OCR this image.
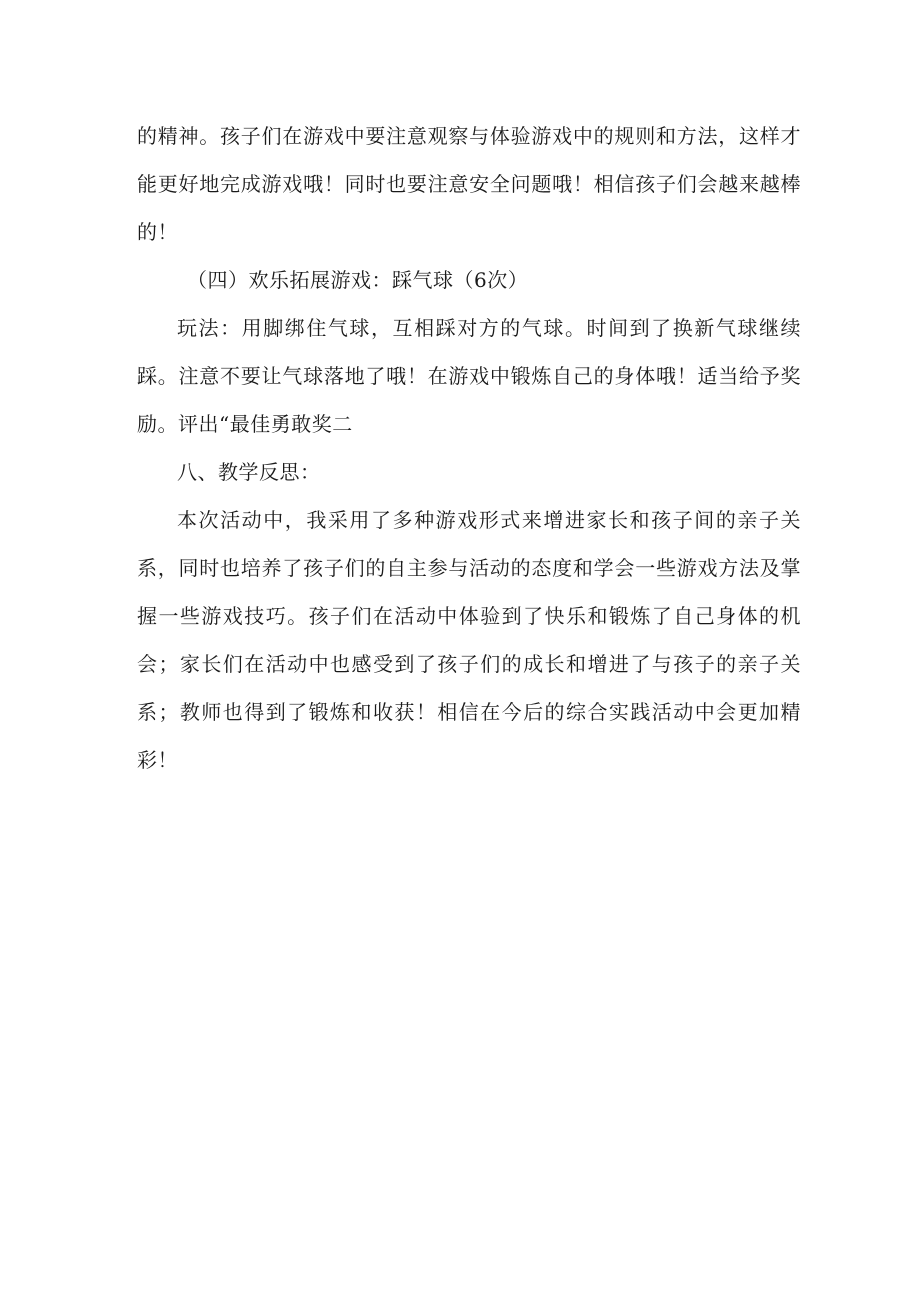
的精神。孩子们在游戏中要注意观察与体验游戏中的规则和方法，这样才能更好地完成游戏哦！同时也要注意安全问题哦！相信孩子们会越来越棒的！

（四）欢乐拓展游戏：踩气球（6次）

玩法：用脚绑住气球，互相踩对方的气球。时间到了换新气球继续踩。注意不要让气球落地了哦！在游戏中锻炼自己的身体哦！适当给予奖励。评出“最佳勇敢奖二

八、教学反思：

本次活动中，我采用了多种游戏形式来增进家长和孩子间的亲子关系，同时也培养了孩子们的自主参与活动的态度和学会一些游戏方法及掌握一些游戏技巧。孩子们在活动中体验到了快乐和锻炼了自己身体的机会；家长们在活动中也感受到了孩子们的成长和增进了与孩子的亲子关系；教师也得到了锻炼和收获！相信在今后的综合实践活动中会更加精彩！
